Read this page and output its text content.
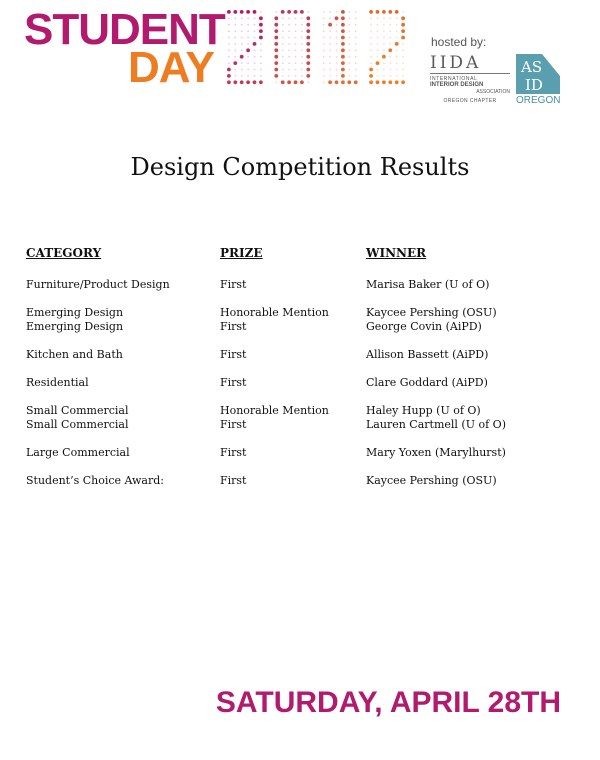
STUDENT
DAY
hosted by:
IIDA
INTERNATIONAL
INTERIOR DESIGN
ASSOCIATION
OREGON CHAPTER
AS
ID
OREGON
Design Competition Results
CATEGORY	PRIZE	WINNER
Furniture/Product Design	First	Marisa Baker (U of O)
Emerging Design	Honorable Mention	Kaycee Pershing (OSU)
Emerging Design	First	George Covin (AiPD)
Kitchen and Bath	First	Allison Bassett (AiPD)
Residential	First	Clare Goddard (AiPD)
Small Commercial	Honorable Mention	Haley Hupp (U of O)
Small Commercial	First	Lauren Cartmell (U of O)
Large Commercial	First	Mary Yoxen (Marylhurst)
Student’s Choice Award:	First	Kaycee Pershing (OSU)
SATURDAY, APRIL 28TH
